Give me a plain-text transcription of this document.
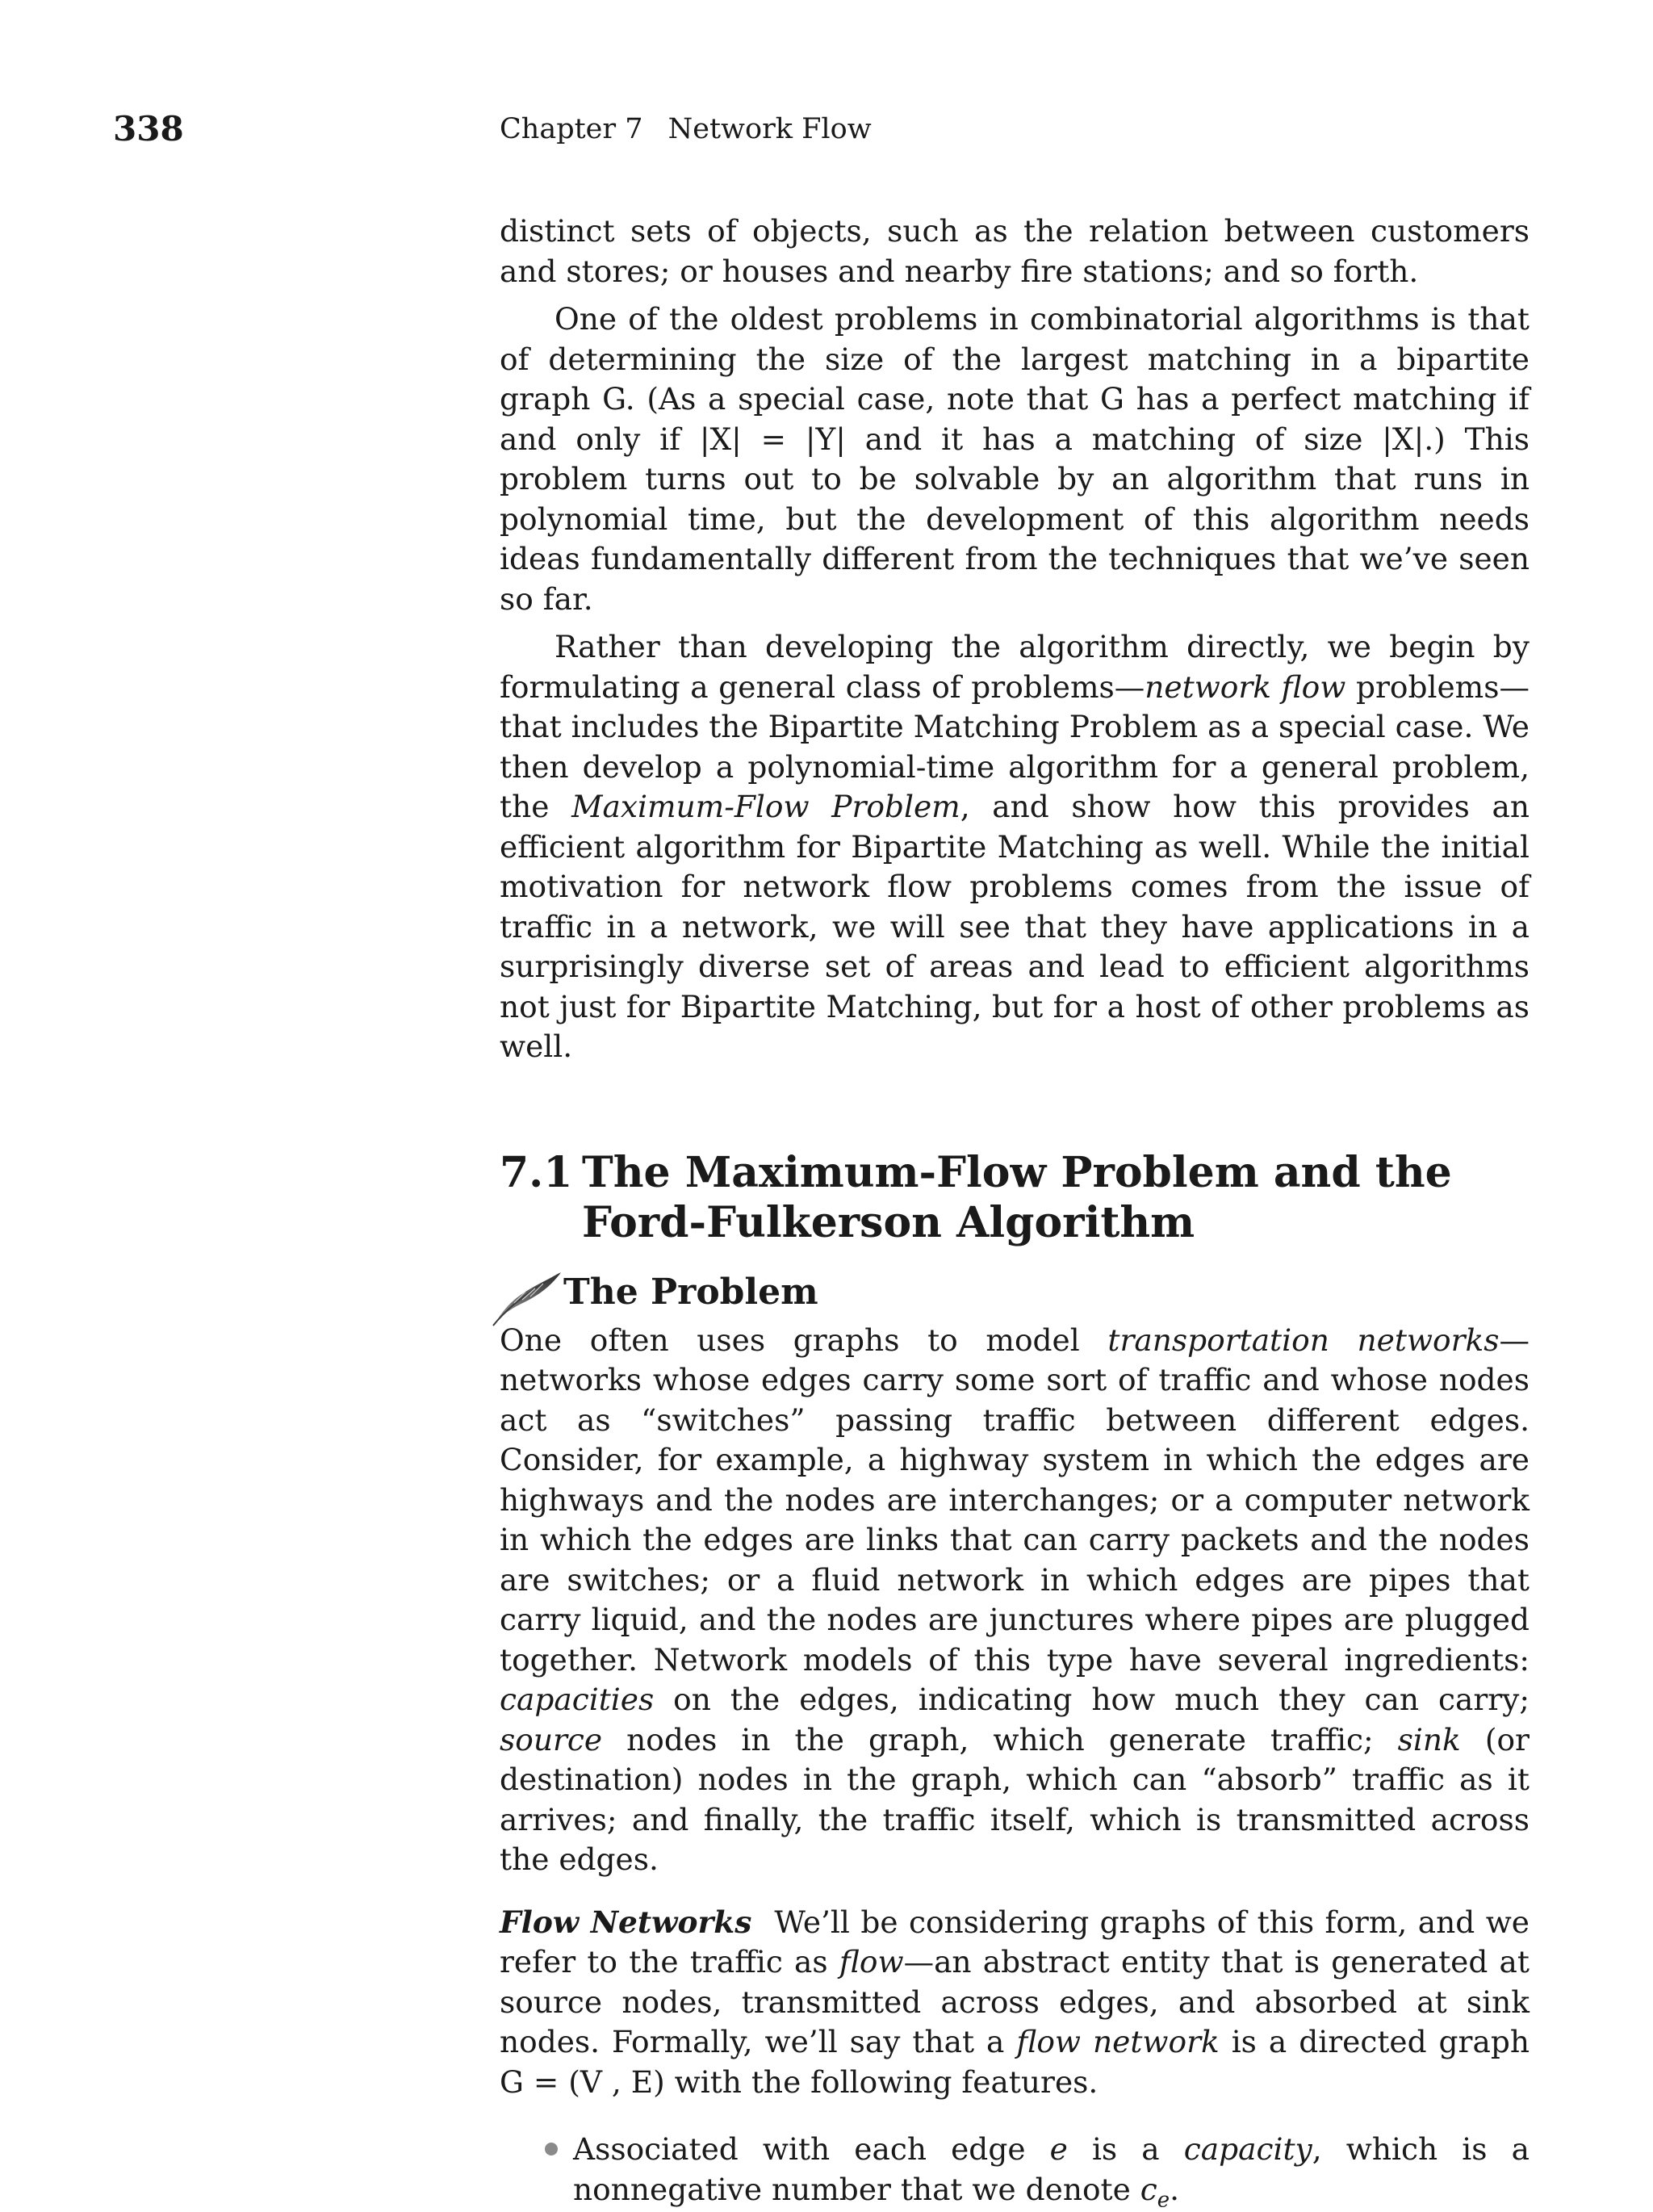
338	Chapter 7 Network Flow

distinct sets of objects, such as the relation between customers and stores; or houses and nearby fire stations; and so forth.

One of the oldest problems in combinatorial algorithms is that of determining the size of the largest matching in a bipartite graph G. (As a special case, note that G has a perfect matching if and only if |X| = |Y| and it has a matching of size |X|.) This problem turns out to be solvable by an algorithm that runs in polynomial time, but the development of this algorithm needs ideas fundamentally different from the techniques that we’ve seen so far.

Rather than developing the algorithm directly, we begin by formulating a general class of problems—network flow problems—that includes the Bipartite Matching Problem as a special case. We then develop a polynomial-time algorithm for a general problem, the Maximum-Flow Problem, and show how this provides an efficient algorithm for Bipartite Matching as well. While the initial motivation for network flow problems comes from the issue of traffic in a network, we will see that they have applications in a surprisingly diverse set of areas and lead to efficient algorithms not just for Bipartite Matching, but for a host of other problems as well.

7.1 The Maximum-Flow Problem and the Ford-Fulkerson Algorithm
The Problem

One often uses graphs to model transportation networks—networks whose edges carry some sort of traffic and whose nodes act as “switches” passing traffic between different edges. Consider, for example, a highway system in which the edges are highways and the nodes are interchanges; or a computer network in which the edges are links that can carry packets and the nodes are switches; or a fluid network in which edges are pipes that carry liquid, and the nodes are junctures where pipes are plugged together. Network models of this type have several ingredients: capacities on the edges, indicating how much they can carry; source nodes in the graph, which generate traffic; sink (or destination) nodes in the graph, which can “absorb” traffic as it arrives; and finally, the traffic itself, which is transmitted across the edges.

Flow Networks We’ll be considering graphs of this form, and we refer to the traffic as flow—an abstract entity that is generated at source nodes, transmitted across edges, and absorbed at sink nodes. Formally, we’ll say that a flow network is a directed graph G = (V , E) with the following features.

Associated with each edge e is a capacity, which is a nonnegative number that we denote $c_e$.
